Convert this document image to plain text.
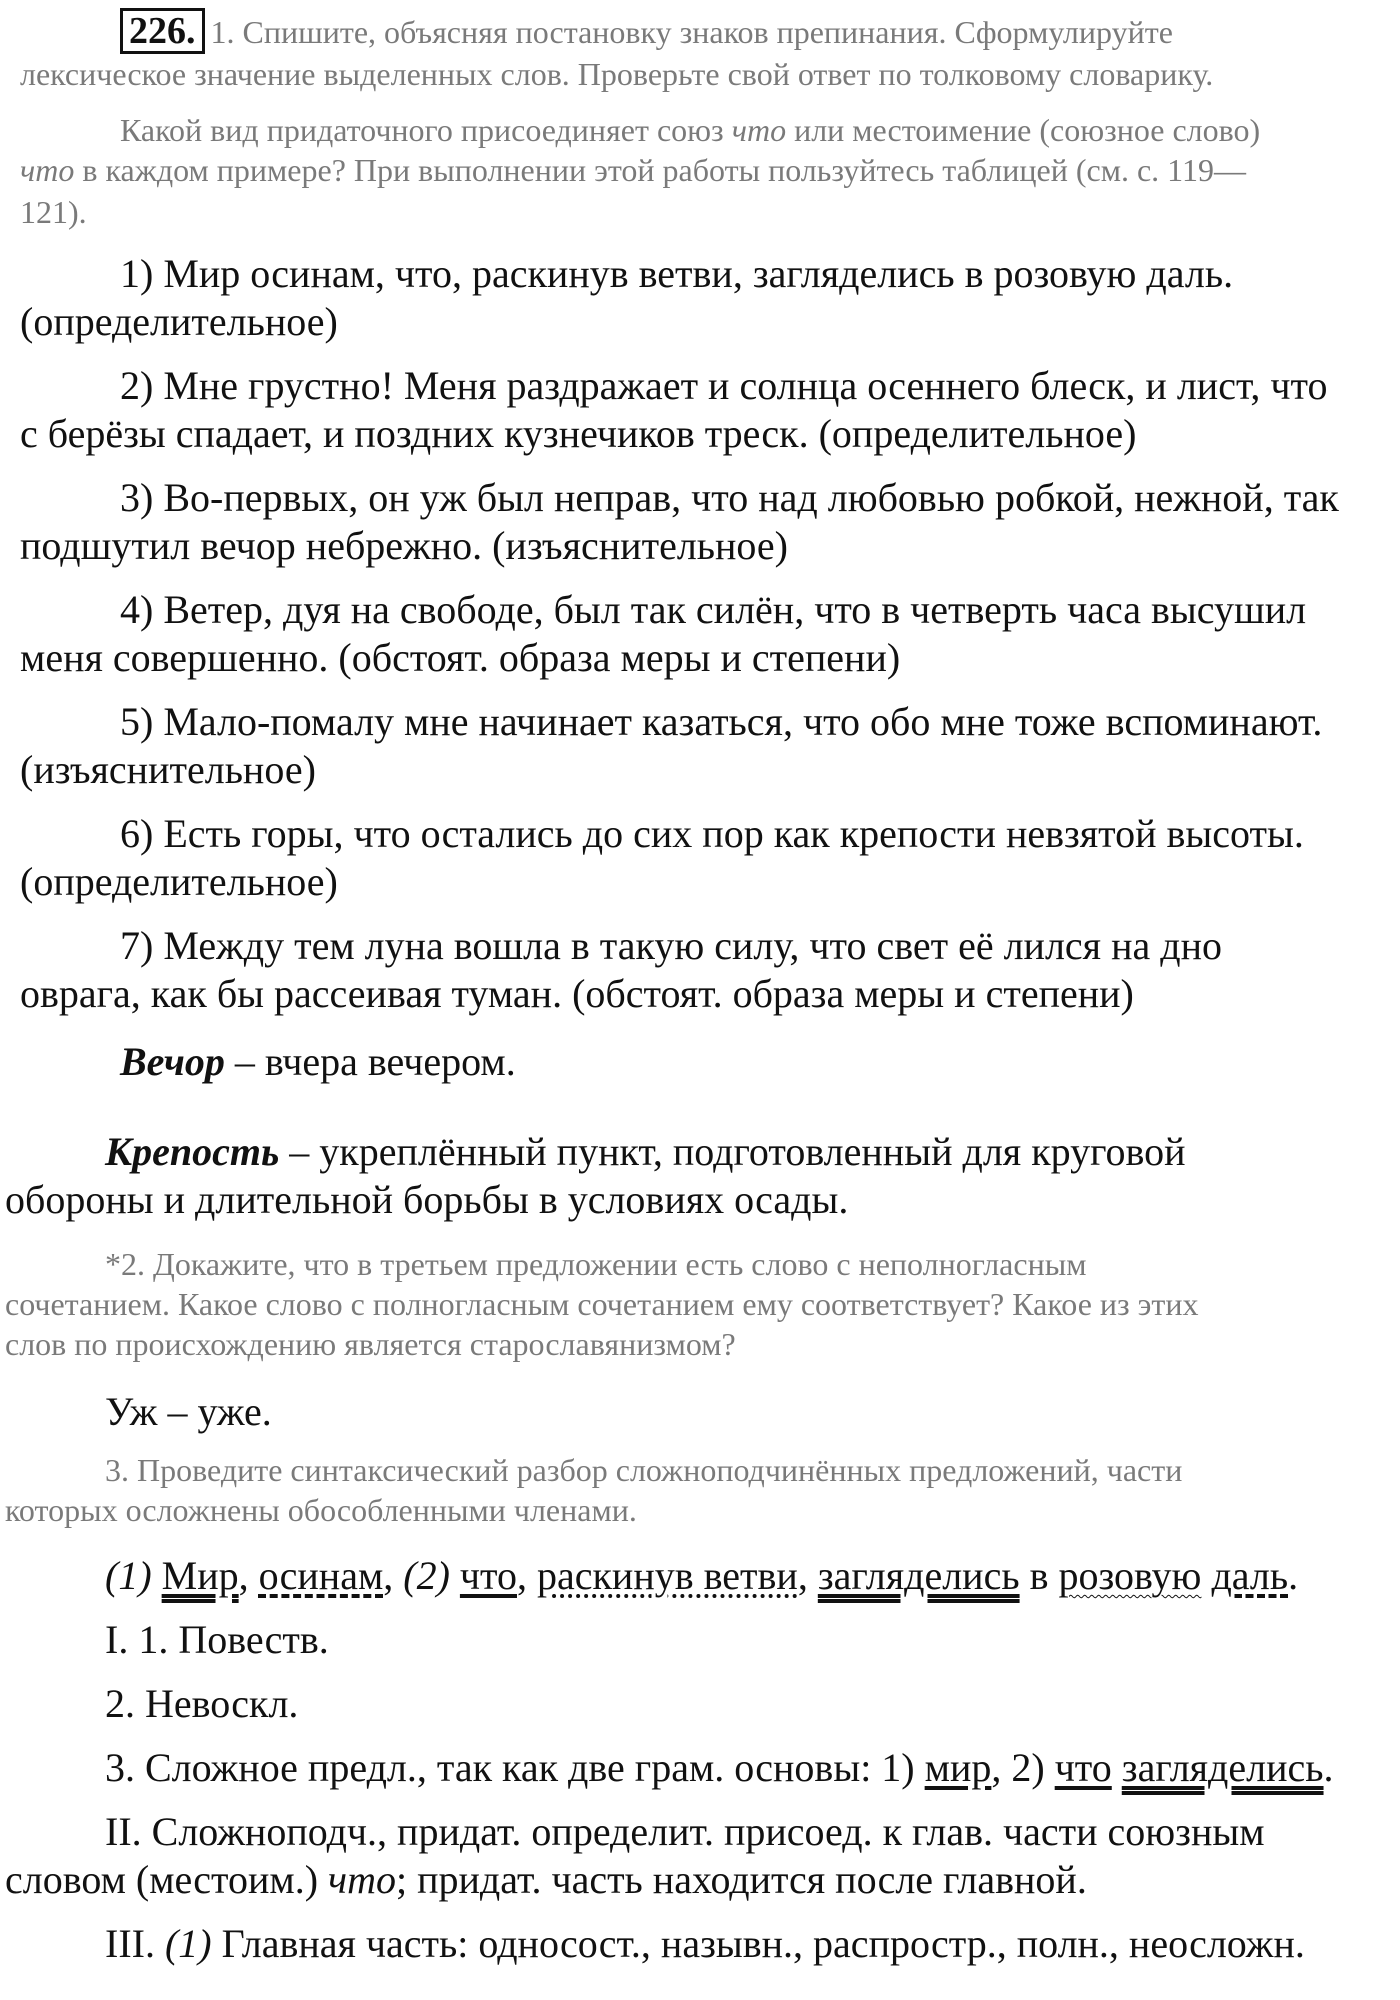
226. 1. Спишите, объясняя постановку знаков препинания. Сформулируйте
лексическое значение выделенных слов. Проверьте свой ответ по толковому словарику.
Какой вид придаточного присоединяет союз что или местоимение (союзное слово)
что в каждом примере? При выполнении этой работы пользуйтесь таблицей (см. с. 119—
121).
1) Мир осинам, что, раскинув ветви, загляделись в розовую даль.
(определительное)
2) Мне грустно! Меня раздражает и солнца осеннего блеск, и лист, что
с берёзы спадает, и поздних кузнечиков треск. (определительное)
3) Во-первых, он уж был неправ, что над любовью робкой, нежной, так
подшутил вечор небрежно. (изъяснительное)
4) Ветер, дуя на свободе, был так силён, что в четверть часа высушил
меня совершенно. (обстоят. образа меры и степени)
5) Мало-помалу мне начинает казаться, что обо мне тоже вспоминают.
(изъяснительное)
6) Есть горы, что остались до сих пор как крепости невзятой высоты.
(определительное)
7) Между тем луна вошла в такую силу, что свет её лился на дно
оврага, как бы рассеивая туман. (обстоят. образа меры и степени)
Вечор – вчера вечером.
Крепость – укреплённый пункт, подготовленный для круговой
обороны и длительной борьбы в условиях осады.
*2. Докажите, что в третьем предложении есть слово с неполногласным
сочетанием. Какое слово с полногласным сочетанием ему соответствует? Какое из этих
слов по происхождению является старославянизмом?
Уж – уже.
3. Проведите синтаксический разбор сложноподчинённых предложений, части
которых осложнены обособленными членами.
(1) Мир, осинам, (2) что, раскинув ветви, загляделись в розовую даль.
I. 1. Повеств.
2. Невоскл.
3. Сложное предл., так как две грам. основы: 1) мир, 2) что загляделись.
II. Сложноподч., придат. определит. присоед. к глав. части союзным
словом (местоим.) что; придат. часть находится после главной.
III. (1) Главная часть: односост., назывн., распростр., полн., неосложн.
